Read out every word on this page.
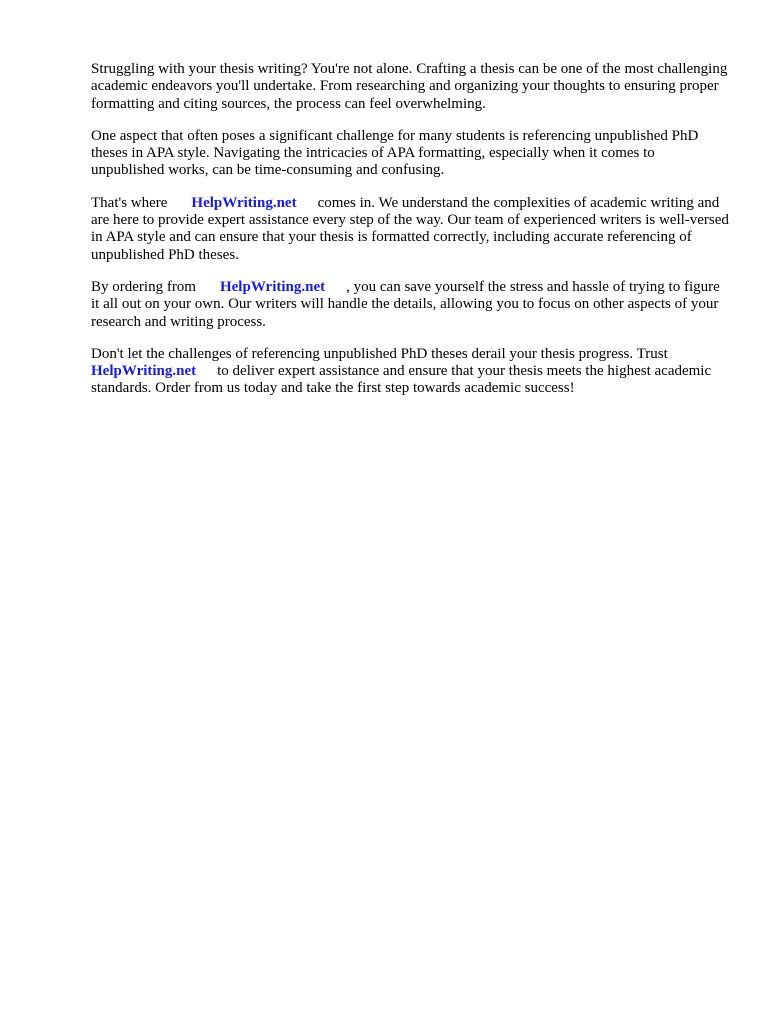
Struggling with your thesis writing? You're not alone. Crafting a thesis can be one of the most challenging academic endeavors you'll undertake. From researching and organizing your thoughts to ensuring proper formatting and citing sources, the process can feel overwhelming.

One aspect that often poses a significant challenge for many students is referencing unpublished PhD theses in APA style. Navigating the intricacies of APA formatting, especially when it comes to unpublished works, can be time-consuming and confusing.

That's where HelpWriting.net comes in. We understand the complexities of academic writing and are here to provide expert assistance every step of the way. Our team of experienced writers is well-versed in APA style and can ensure that your thesis is formatted correctly, including accurate referencing of unpublished PhD theses.

By ordering from HelpWriting.net , you can save yourself the stress and hassle of trying to figure it all out on your own. Our writers will handle the details, allowing you to focus on other aspects of your research and writing process.

Don't let the challenges of referencing unpublished PhD theses derail your thesis progress. Trust HelpWriting.net to deliver expert assistance and ensure that your thesis meets the highest academic standards. Order from us today and take the first step towards academic success!
